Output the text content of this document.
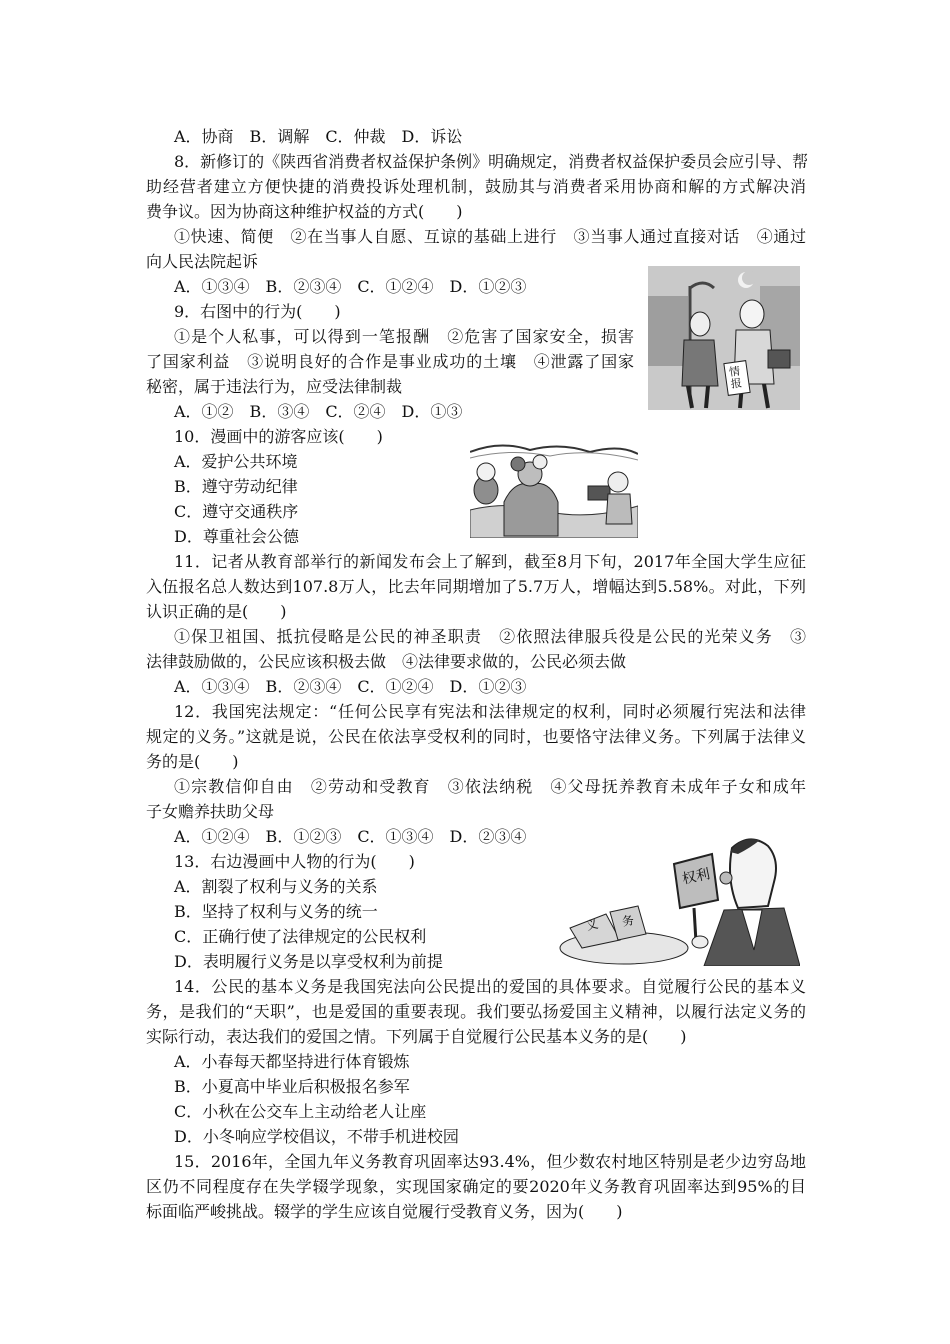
A．协商　B．调解　C．仲裁　D．诉讼
8．新修订的《陕西省消费者权益保护条例》明确规定，消费者权益保护委员会应引导、帮
助经营者建立方便快捷的消费投诉处理机制，鼓励其与消费者采用协商和解的方式解决消
费争议。因为协商这种维护权益的方式(　　)
①快速、简便　②在当事人自愿、互谅的基础上进行　③当事人通过直接对话　④通过
向人民法院起诉
A．①③④　B．②③④　C．①②④　D．①②③
9．右图中的行为(　　)
①是个人私事，可以得到一笔报酬　②危害了国家安全，损害
了国家利益　③说明良好的合作是事业成功的土壤　④泄露了国家
秘密，属于违法行为，应受法律制裁
A．①②　B．③④　C．②④　D．①③
10．漫画中的游客应该(　　)
A．爱护公共环境
B．遵守劳动纪律
C．遵守交通秩序
D．尊重社会公德
11．记者从教育部举行的新闻发布会上了解到，截至8月下旬，2017年全国大学生应征
入伍报名总人数达到107.8万人，比去年同期增加了5.7万人，增幅达到5.58%。对此，下列
认识正确的是(　　)
①保卫祖国、抵抗侵略是公民的神圣职责　②依照法律服兵役是公民的光荣义务　③
法律鼓励做的，公民应该积极去做　④法律要求做的，公民必须去做
A．①③④　B．②③④　C．①②④　D．①②③
12．我国宪法规定：“任何公民享有宪法和法律规定的权利，同时必须履行宪法和法律
规定的义务。”这就是说，公民在依法享受权利的同时，也要恪守法律义务。下列属于法律义
务的是(　　)
①宗教信仰自由　②劳动和受教育　③依法纳税　④父母抚养教育未成年子女和成年
子女赡养扶助父母
A．①②④　B．①②③　C．①③④　D．②③④
13．右边漫画中人物的行为(　　)
A．割裂了权利与义务的关系
B．坚持了权利与义务的统一
C．正确行使了法律规定的公民权利
D．表明履行义务是以享受权利为前提
14．公民的基本义务是我国宪法向公民提出的爱国的具体要求。自觉履行公民的基本义
务，是我们的“天职”，也是爱国的重要表现。我们要弘扬爱国主义精神，以履行法定义务的
实际行动，表达我们的爱国之情。下列属于自觉履行公民基本义务的是(　　)
A．小春每天都坚持进行体育锻炼
B．小夏高中毕业后积极报名参军
C．小秋在公交车上主动给老人让座
D．小冬响应学校倡议，不带手机进校园
15．2016年，全国九年义务教育巩固率达93.4%，但少数农村地区特别是老少边穷岛地
区仍不同程度存在失学辍学现象，实现国家确定的要2020年义务教育巩固率达到95%的目
标面临严峻挑战。辍学的学生应该自觉履行受教育义务，因为(　　)
情报
权利
义 务
